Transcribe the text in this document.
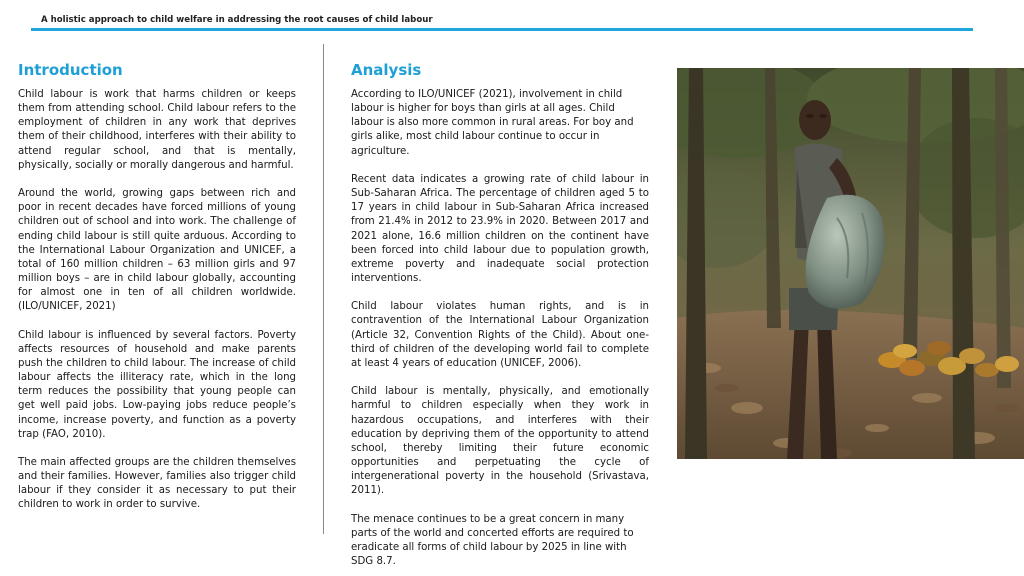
A holistic approach to child welfare in addressing the root causes of child labour
Introduction

Child labour is work that harms children or keeps them from attending school. Child labour refers to the employment of children in any work that deprives them of their childhood, interferes with their ability to attend regular school, and that is mentally, physically, socially or morally dangerous and harmful.

Around the world, growing gaps between rich and poor in recent decades have forced millions of young children out of school and into work. The challenge of ending child labour is still quite arduous. According to the International Labour Organization and UNICEF, a total of 160 million children – 63 million girls and 97 million boys – are in child labour globally, accounting for almost one in ten of all children worldwide. (ILO/UNICEF, 2021)

Child labour is influenced by several factors. Poverty affects resources of household and make parents push the children to child labour. The increase of child labour affects the illiteracy rate, which in the long term reduces the possibility that young people can get well paid jobs. Low-paying jobs reduce people’s income, increase poverty, and function as a poverty trap (FAO, 2010).

The main affected groups are the children themselves and their families. However, families also trigger child labour if they consider it as necessary to put their children to work in order to survive.

Analysis

According to ILO/UNICEF (2021), involvement in child labour is higher for boys than girls at all ages. Child labour is also more common in rural areas. For boy and girls alike, most child labour continue to occur in agriculture.

Recent data indicates a growing rate of child labour in Sub-Saharan Africa. The percentage of children aged 5 to 17 years in child labour in Sub-Saharan Africa increased from 21.4% in 2012 to 23.9% in 2020. Between 2017 and 2021 alone, 16.6 million children on the continent have been forced into child labour due to population growth, extreme poverty and inadequate social protection interventions.

Child labour violates human rights, and is in contravention of the International Labour Organization (Article 32, Convention Rights of the Child). About one-third of children of the developing world fail to complete at least 4 years of education (UNICEF, 2006).

Child labour is mentally, physically, and emotionally harmful to children especially when they work in hazardous occupations, and interferes with their education by depriving them of the opportunity to attend school, thereby limiting their future economic opportunities and perpetuating the cycle of intergenerational poverty in the household (Srivastava, 2011).

The menace continues to be a great concern in many parts of the world and concerted efforts are required to eradicate all forms of child labour by 2025 in line with SDG 8.7.
